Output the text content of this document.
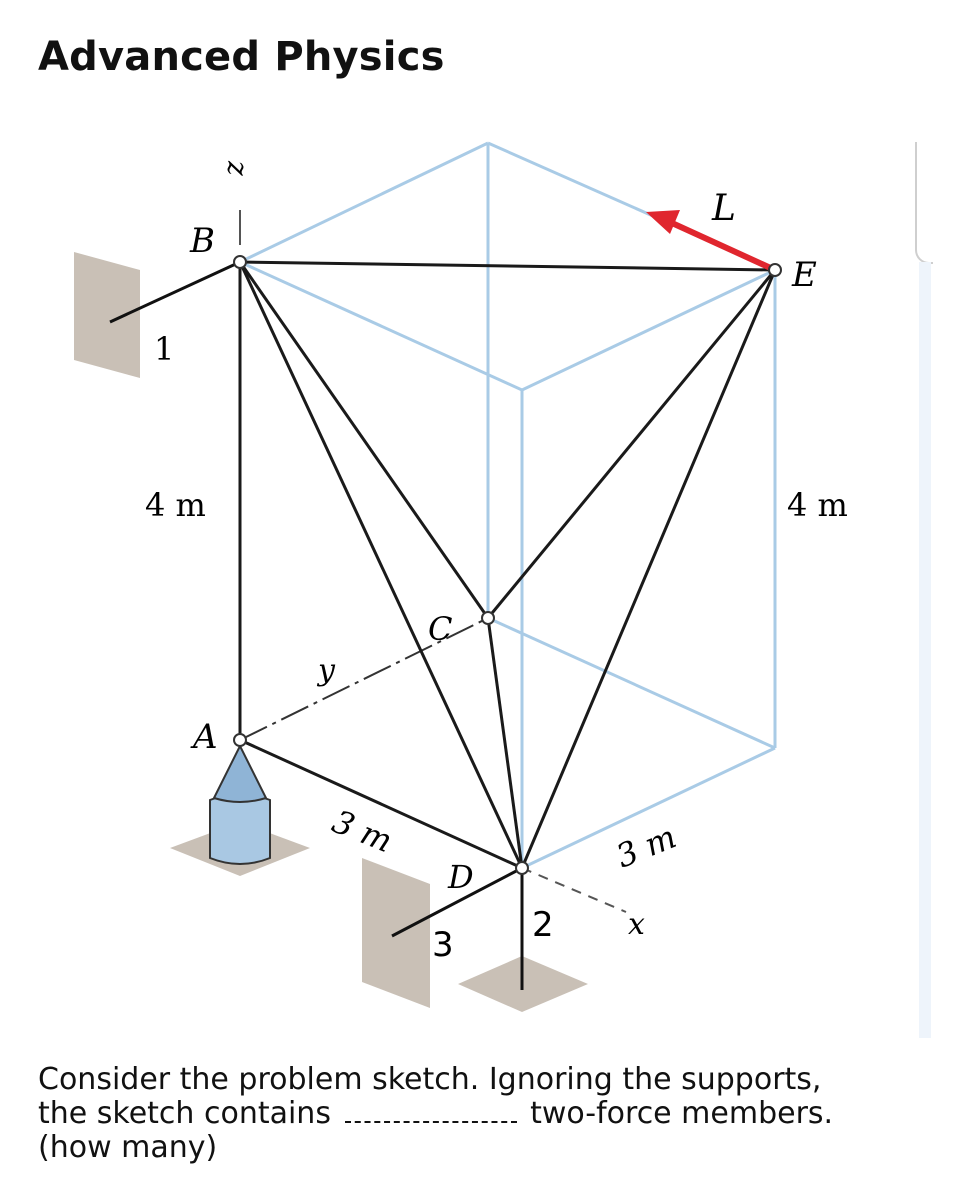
Advanced Physics
z
B
1
4 m	4 m
C
y
A
3 m
D
3 2
3 m
x
L
E
Consider the problem sketch. Ignoring the supports,
the sketch contains	two-force members.
(how many)
